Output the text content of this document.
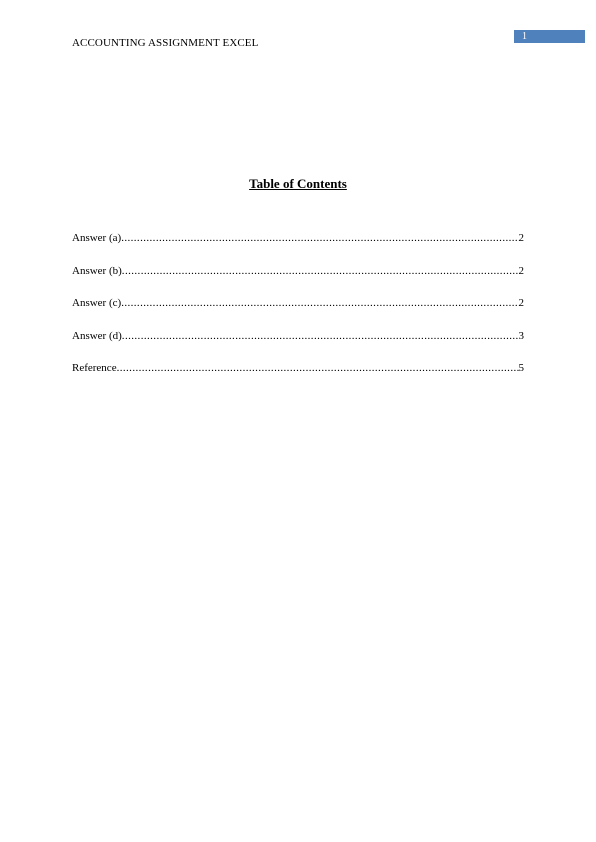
ACCOUNTING ASSIGNMENT EXCEL
1
Table of Contents
Answer (a) .....	2
Answer (b) .....	2
Answer (c) .....	2
Answer (d) .....	3
Reference .....	5
